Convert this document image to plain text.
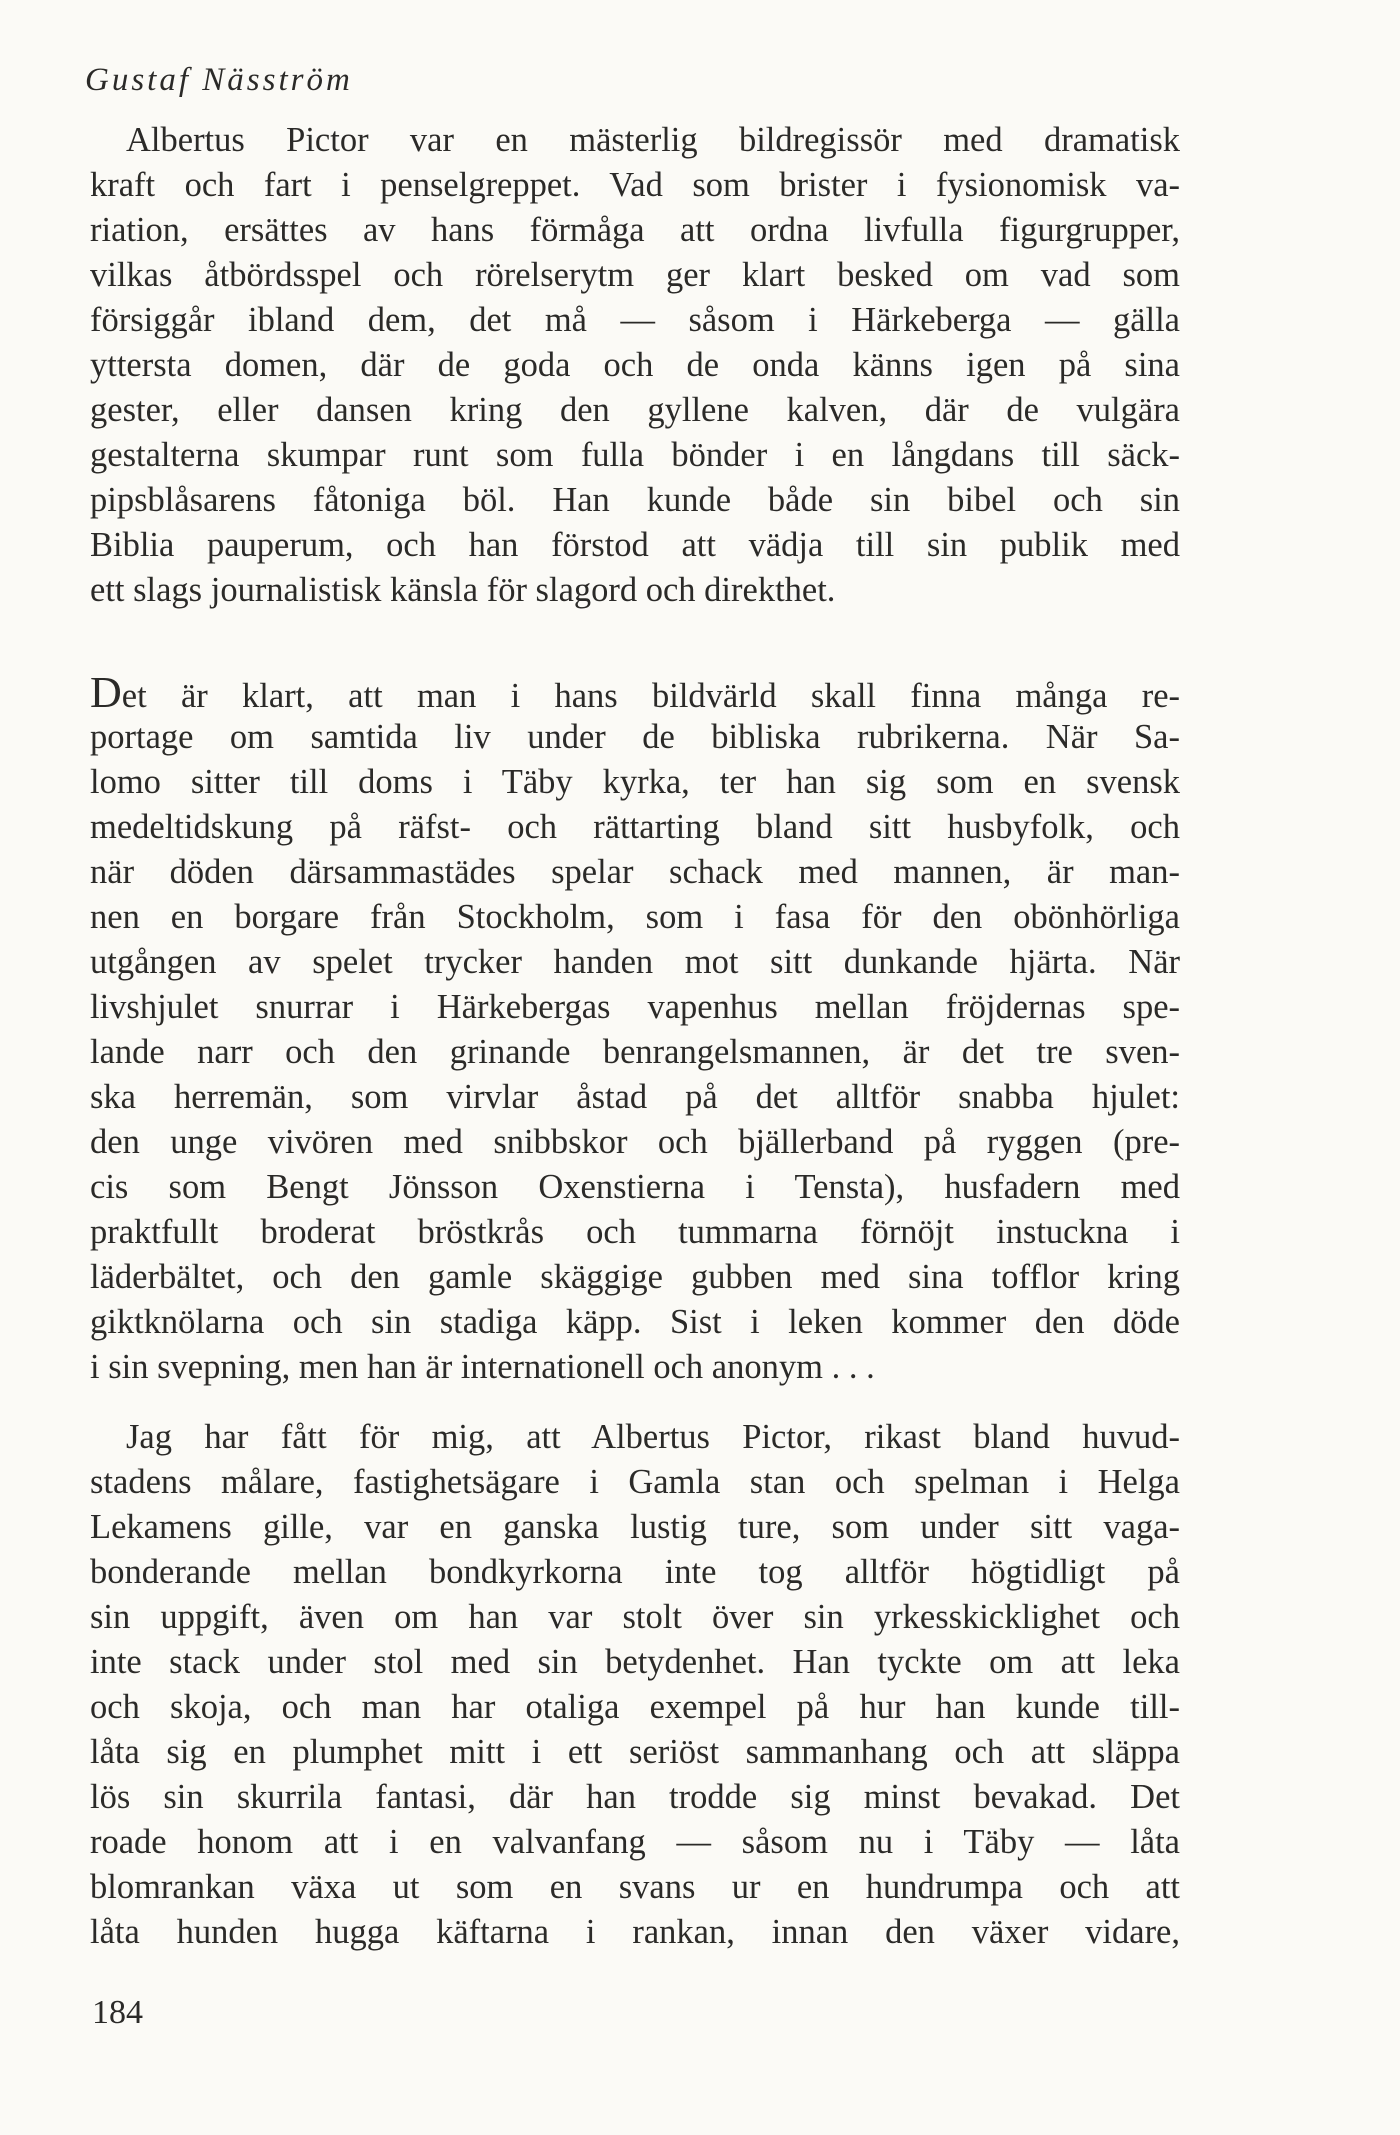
Gustaf Näsström
Albertus Pictor var en mästerlig bildregissör med dramatisk
kraft och fart i penselgreppet. Vad som brister i fysionomisk va-
riation, ersättes av hans förmåga att ordna livfulla figurgrupper,
vilkas åtbördsspel och rörelserytm ger klart besked om vad som
försiggår ibland dem, det må — såsom i Härkeberga — gälla
yttersta domen, där de goda och de onda känns igen på sina
gester, eller dansen kring den gyllene kalven, där de vulgära
gestalterna skumpar runt som fulla bönder i en långdans till säck-
pipsblåsarens fåtoniga böl. Han kunde både sin bibel och sin
Biblia pauperum, och han förstod att vädja till sin publik med
ett slags journalistisk känsla för slagord och direkthet.
Det är klart, att man i hans bildvärld skall finna många re-
portage om samtida liv under de bibliska rubrikerna. När Sa-
lomo sitter till doms i Täby kyrka, ter han sig som en svensk
medeltidskung på räfst- och rättarting bland sitt husbyfolk, och
när döden därsammastädes spelar schack med mannen, är man-
nen en borgare från Stockholm, som i fasa för den obönhörliga
utgången av spelet trycker handen mot sitt dunkande hjärta. När
livshjulet snurrar i Härkebergas vapenhus mellan fröjdernas spe-
lande narr och den grinande benrangelsmannen, är det tre sven-
ska herremän, som virvlar åstad på det alltför snabba hjulet:
den unge vivören med snibbskor och bjällerband på ryggen (pre-
cis som Bengt Jönsson Oxenstierna i Tensta), husfadern med
praktfullt broderat bröstkrås och tummarna förnöjt instuckna i
läderbältet, och den gamle skäggige gubben med sina tofflor kring
giktknölarna och sin stadiga käpp. Sist i leken kommer den döde
i sin svepning, men han är internationell och anonym . . .
Jag har fått för mig, att Albertus Pictor, rikast bland huvud-
stadens målare, fastighetsägare i Gamla stan och spelman i Helga
Lekamens gille, var en ganska lustig ture, som under sitt vaga-
bonderande mellan bondkyrkorna inte tog alltför högtidligt på
sin uppgift, även om han var stolt över sin yrkesskicklighet och
inte stack under stol med sin betydenhet. Han tyckte om att leka
och skoja, och man har otaliga exempel på hur han kunde till-
låta sig en plumphet mitt i ett seriöst sammanhang och att släppa
lös sin skurrila fantasi, där han trodde sig minst bevakad. Det
roade honom att i en valvanfang — såsom nu i Täby — låta
blomrankan växa ut som en svans ur en hundrumpa och att
låta hunden hugga käftarna i rankan, innan den växer vidare,
184
